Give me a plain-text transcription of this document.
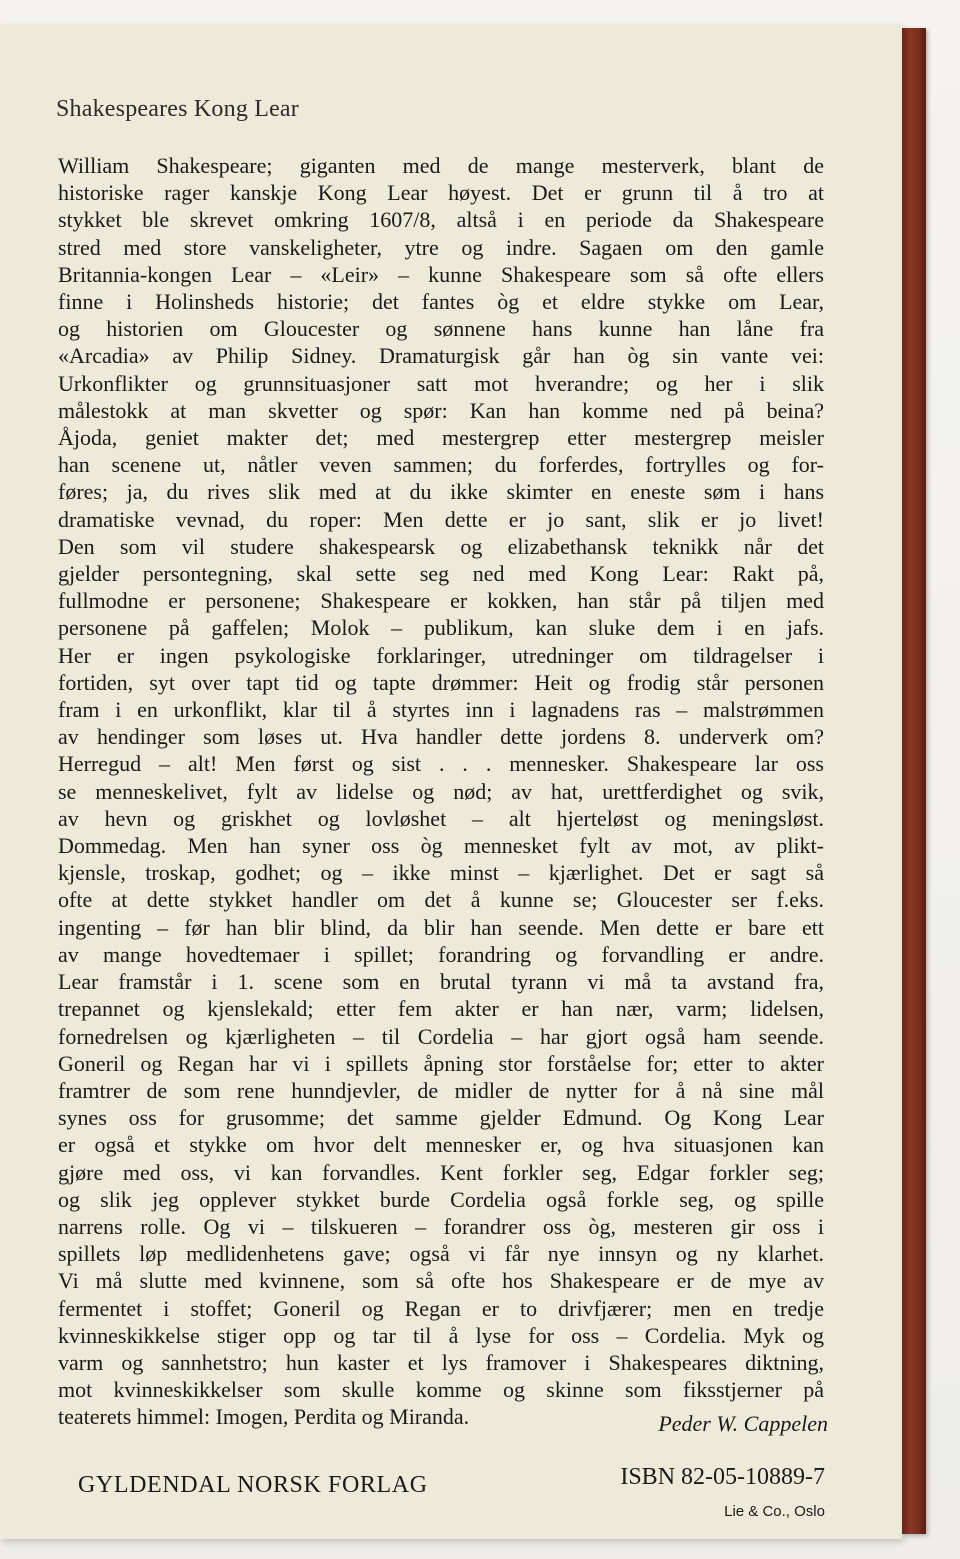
Shakespeares Kong Lear
William Shakespeare; giganten med de mange mesterverk, blant de
historiske rager kanskje Kong Lear høyest. Det er grunn til å tro at
stykket ble skrevet omkring 1607/8, altså i en periode da Shakespeare
stred med store vanskeligheter, ytre og indre. Sagaen om den gamle
Britannia-kongen Lear – «Leir» – kunne Shakespeare som så ofte ellers
finne i Holinsheds historie; det fantes òg et eldre stykke om Lear,
og historien om Gloucester og sønnene hans kunne han låne fra
«Arcadia» av Philip Sidney. Dramaturgisk går han òg sin vante vei:
Urkonflikter og grunnsituasjoner satt mot hverandre; og her i slik
målestokk at man skvetter og spør: Kan han komme ned på beina?
Åjoda, geniet makter det; med mestergrep etter mestergrep meisler
han scenene ut, nåtler veven sammen; du forferdes, fortrylles og for-
føres; ja, du rives slik med at du ikke skimter en eneste søm i hans
dramatiske vevnad, du roper: Men dette er jo sant, slik er jo livet!
Den som vil studere shakespearsk og elizabethansk teknikk når det
gjelder persontegning, skal sette seg ned med Kong Lear: Rakt på,
fullmodne er personene; Shakespeare er kokken, han står på tiljen med
personene på gaffelen; Molok – publikum, kan sluke dem i en jafs.
Her er ingen psykologiske forklaringer, utredninger om tildragelser i
fortiden, syt over tapt tid og tapte drømmer: Heit og frodig står personen
fram i en urkonflikt, klar til å styrtes inn i lagnadens ras – malstrømmen
av hendinger som løses ut. Hva handler dette jordens 8. underverk om?
Herregud – alt! Men først og sist . . . mennesker. Shakespeare lar oss
se menneskelivet, fylt av lidelse og nød; av hat, urettferdighet og svik,
av hevn og griskhet og lovløshet – alt hjerteløst og meningsløst.
Dommedag. Men han syner oss òg mennesket fylt av mot, av plikt-
kjensle, troskap, godhet; og – ikke minst – kjærlighet. Det er sagt så
ofte at dette stykket handler om det å kunne se; Gloucester ser f.eks.
ingenting – før han blir blind, da blir han seende. Men dette er bare ett
av mange hovedtemaer i spillet; forandring og forvandling er andre.
Lear framstår i 1. scene som en brutal tyrann vi må ta avstand fra,
trepannet og kjenslekald; etter fem akter er han nær, varm; lidelsen,
fornedrelsen og kjærligheten – til Cordelia – har gjort også ham seende.
Goneril og Regan har vi i spillets åpning stor forståelse for; etter to akter
framtrer de som rene hunndjevler, de midler de nytter for å nå sine mål
synes oss for grusomme; det samme gjelder Edmund. Og Kong Lear
er også et stykke om hvor delt mennesker er, og hva situasjonen kan
gjøre med oss, vi kan forvandles. Kent forkler seg, Edgar forkler seg;
og slik jeg opplever stykket burde Cordelia også forkle seg, og spille
narrens rolle. Og vi – tilskueren – forandrer oss òg, mesteren gir oss i
spillets løp medlidenhetens gave; også vi får nye innsyn og ny klarhet.
Vi må slutte med kvinnene, som så ofte hos Shakespeare er de mye av
fermentet i stoffet; Goneril og Regan er to drivfjærer; men en tredje
kvinneskikkelse stiger opp og tar til å lyse for oss – Cordelia. Myk og
varm og sannhetstro; hun kaster et lys framover i Shakespeares diktning,
mot kvinneskikkelser som skulle komme og skinne som fiksstjerner på
teaterets himmel: Imogen, Perdita og Miranda.	Peder W. Cappelen
GYLDENDAL NORSK FORLAG	ISBN 82-05-10889-7
Lie & Co., Oslo
